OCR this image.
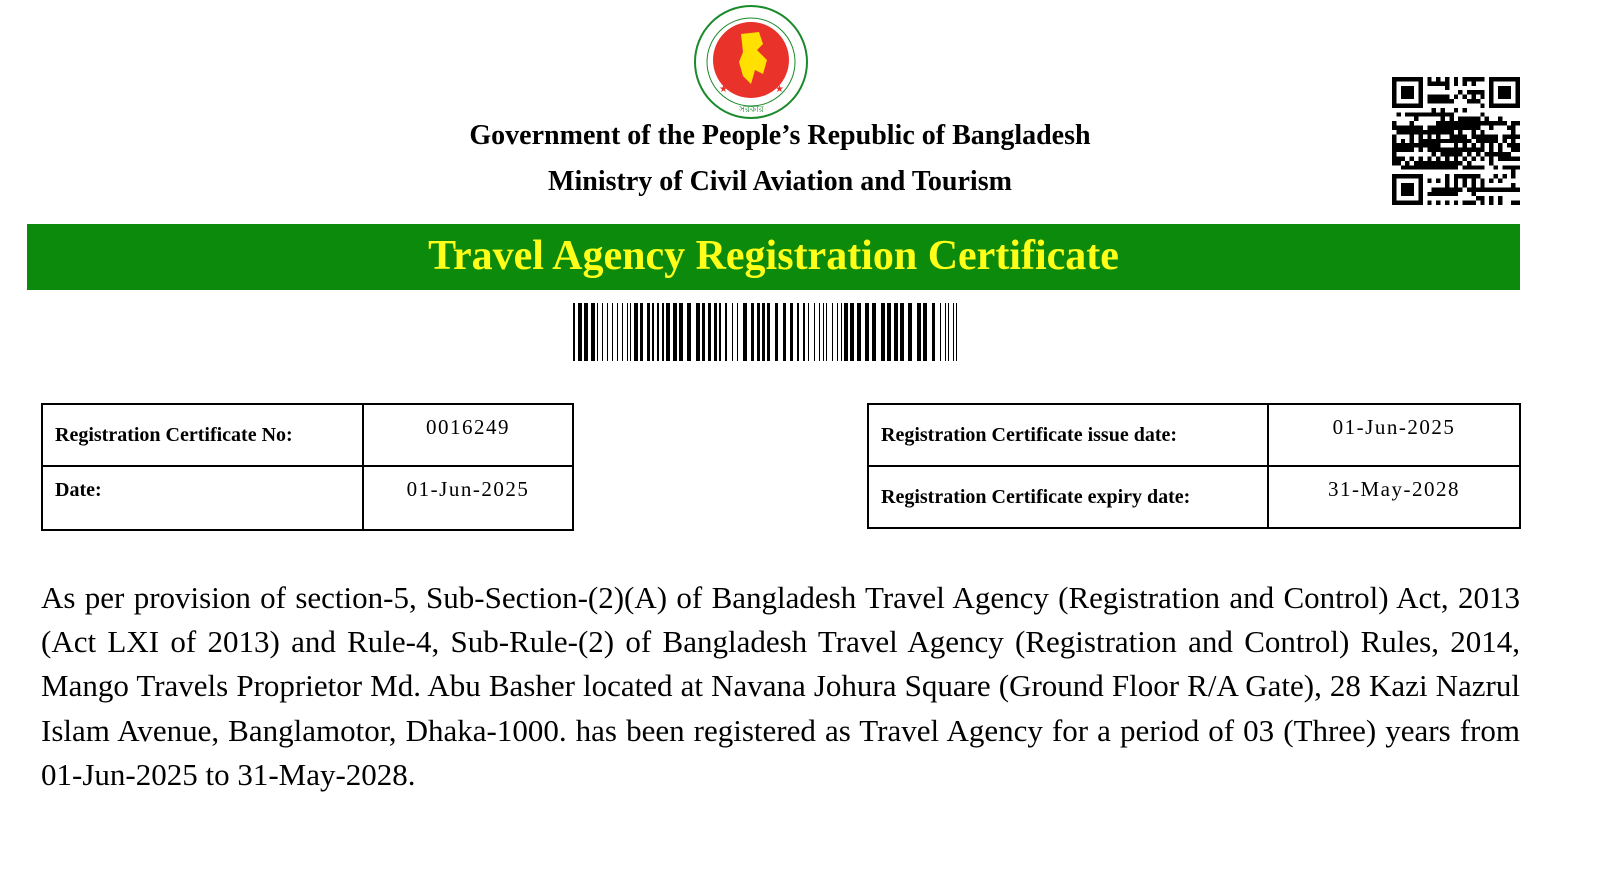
★	★
সরকার
Government of the People’s Republic of Bangladesh
Ministry of Civil Aviation and Tourism
Travel Agency Registration Certificate
Registration Certificate No:	0016249
Date:	01-Jun-2025
Registration Certificate issue date:	01-Jun-2025
Registration Certificate expiry date:	31-May-2028
As per provision of section-5, Sub-Section-(2)(A) of Bangladesh Travel Agency (Registration and Control) Act, 2013 (Act LXI of 2013) and Rule-4, Sub-Rule-(2) of Bangladesh Travel Agency (Registration and Control) Rules, 2014, Mango Travels Proprietor Md. Abu Basher located at Navana Johura Square (Ground Floor R/A Gate), 28 Kazi Nazrul Islam Avenue, Banglamotor, Dhaka-1000. has been registered as Travel Agency for a period of 03 (Three) years from 01-Jun-2025 to 31-May-2028.
